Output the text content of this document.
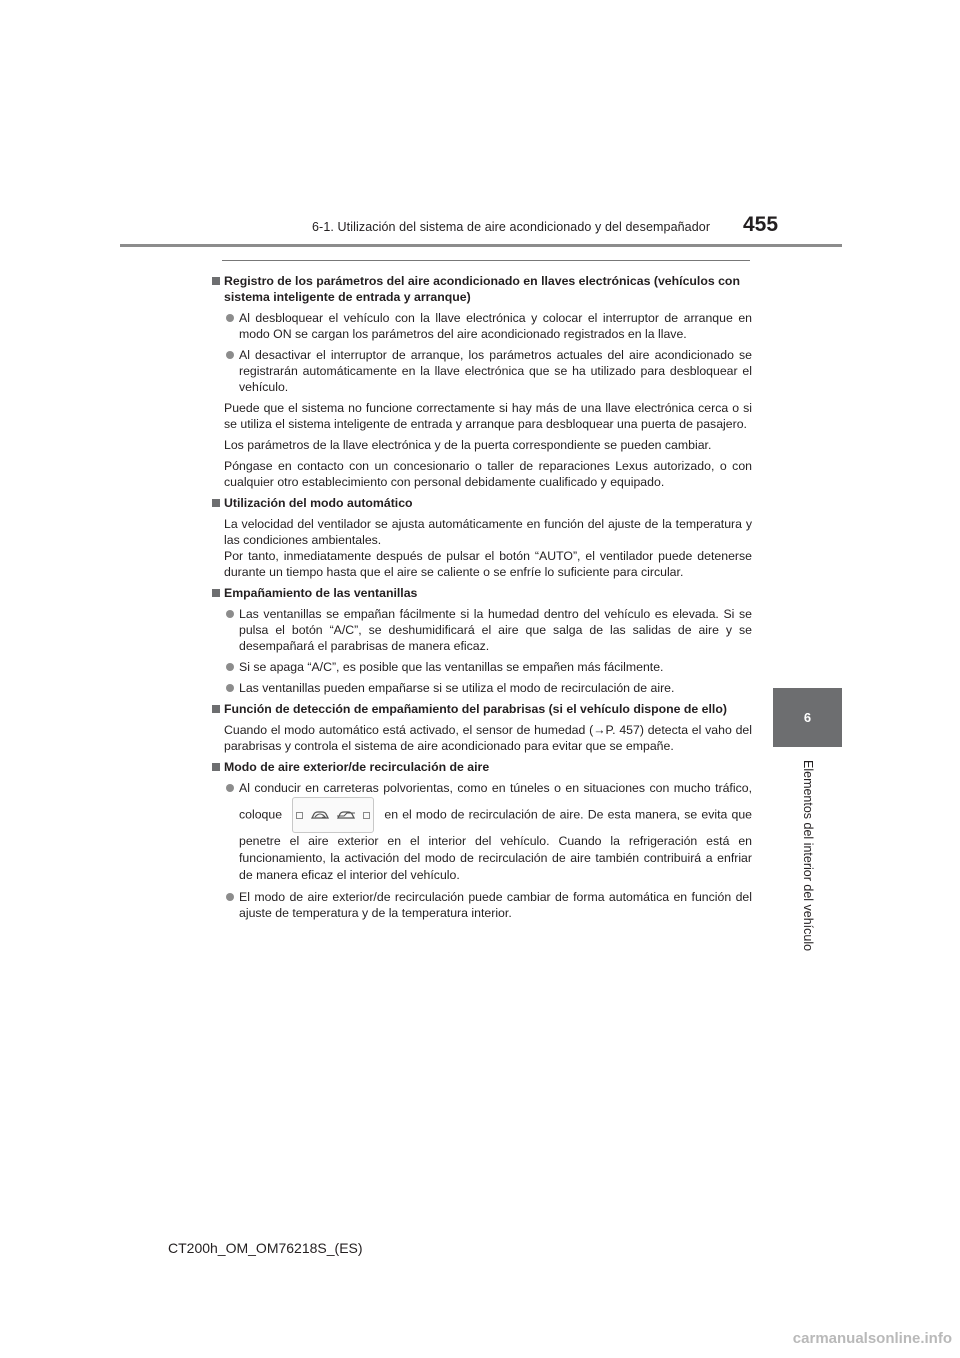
6-1. Utilización del sistema de aire acondicionado y del desempañador 455
6
Elementos del interior del vehículo
Registro de los parámetros del aire acondicionado en llaves electrónicas (vehículos con sistema inteligente de entrada y arranque)
Al desbloquear el vehículo con la llave electrónica y colocar el interruptor de arranque en modo ON se cargan los parámetros del aire acondicionado registrados en la llave.
Al desactivar el interruptor de arranque, los parámetros actuales del aire acondicionado se registrarán automáticamente en la llave electrónica que se ha utilizado para desbloquear el vehículo.
Puede que el sistema no funcione correctamente si hay más de una llave electrónica cerca o si se utiliza el sistema inteligente de entrada y arranque para desbloquear una puerta de pasajero.
Los parámetros de la llave electrónica y de la puerta correspondiente se pueden cambiar.
Póngase en contacto con un concesionario o taller de reparaciones Lexus autorizado, o con cualquier otro establecimiento con personal debidamente cualificado y equipado.
Utilización del modo automático
La velocidad del ventilador se ajusta automáticamente en función del ajuste de la temperatura y las condiciones ambientales.
Por tanto, inmediatamente después de pulsar el botón “AUTO”, el ventilador puede detenerse durante un tiempo hasta que el aire se caliente o se enfríe lo suficiente para circular.
Empañamiento de las ventanillas
Las ventanillas se empañan fácilmente si la humedad dentro del vehículo es elevada. Si se pulsa el botón “A/C”, se deshumidificará el aire que salga de las salidas de aire y se desempañará el parabrisas de manera eficaz.
Si se apaga “A/C”, es posible que las ventanillas se empañen más fácilmente.
Las ventanillas pueden empañarse si se utiliza el modo de recirculación de aire.
Función de detección de empañamiento del parabrisas (si el vehículo dispone de ello)
Cuando el modo automático está activado, el sensor de humedad (→P. 457) detecta el vaho del parabrisas y controla el sistema de aire acondicionado para evitar que se empañe.
Modo de aire exterior/de recirculación de aire
Al conducir en carreteras polvorientas, como en túneles o en situaciones con mucho tráfico, coloque	en el modo de recirculación de aire. De esta manera, se evita que penetre el aire exterior en el interior del vehículo. Cuando la refrigeración está en funcionamiento, la activación del modo de recirculación de aire también contribuirá a enfriar de manera eficaz el interior del vehículo.
El modo de aire exterior/de recirculación puede cambiar de forma automática en función del ajuste de temperatura y de la temperatura interior.
CT200h_OM_OM76218S_(ES)
carmanualsonline.info
